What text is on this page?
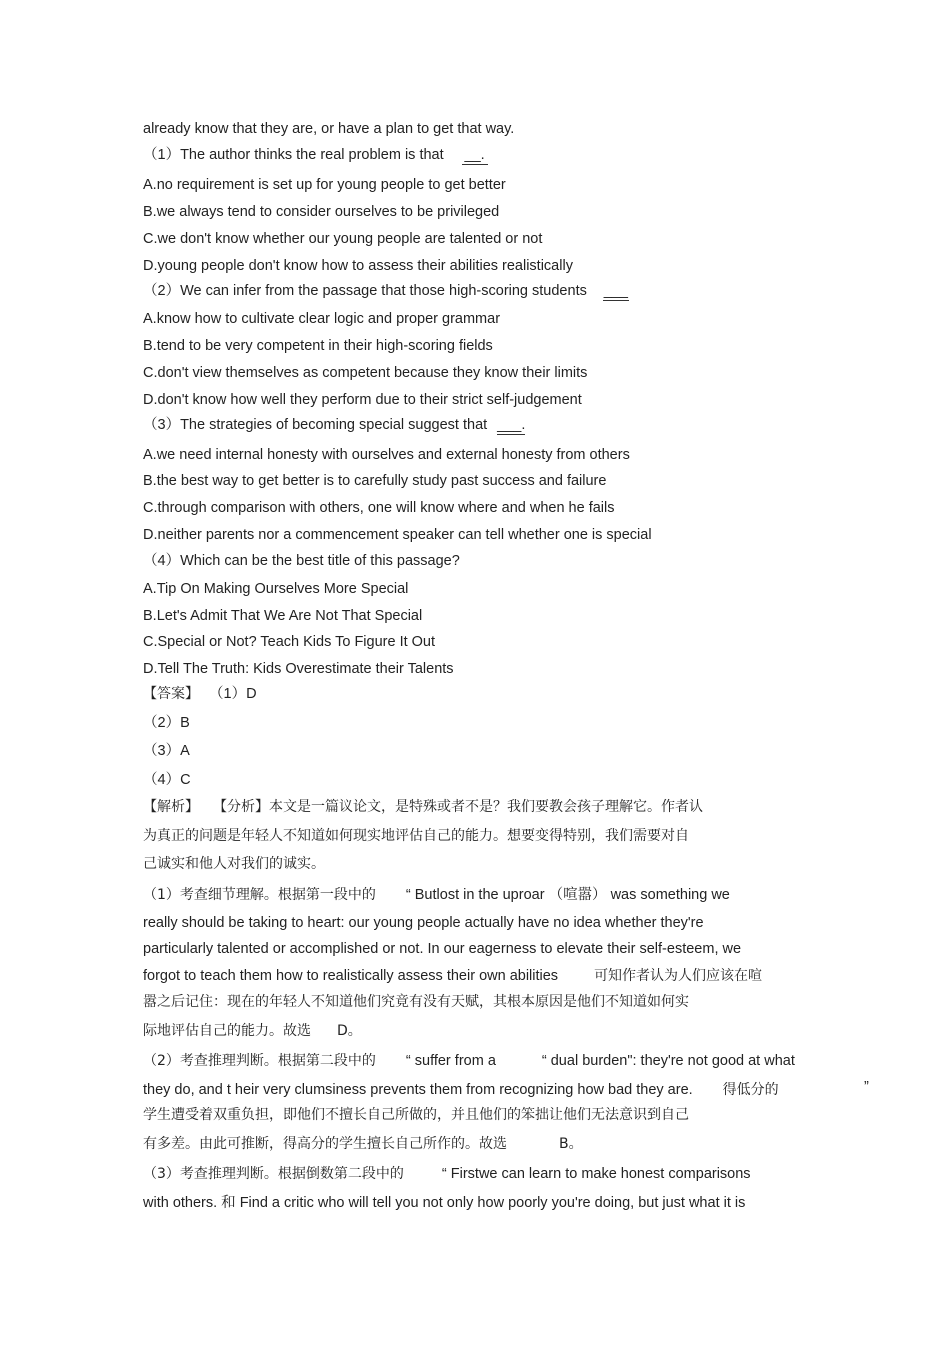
already know that they are, or have a plan to get that way.
（1）The author thinks the real problem is that __.
A.no requirement is set up for young people to get better
B.we always tend to consider ourselves to be privileged
C.we don't know whether our young people are talented or not
D.young people don't know how to assess their abilities realistically
（2）We can infer from the passage that those high-scoring students ___
A.know how to cultivate clear logic and proper grammar
B.tend to be very competent in their high-scoring fields
C.don't view themselves as competent because they know their limits
D.don't know how well they perform due to their strict self-judgement
（3）The strategies of becoming special suggest that ___.
A.we need internal honesty with ourselves and external honesty from others
B.the best way to get better is to carefully study past success and failure
C.through comparison with others, one will know where and when he fails
D.neither parents nor a commencement speaker can tell whether one is special
（4）Which can be the best title of this passage?
A.Tip On Making Ourselves More Special
B.Let's Admit That We Are Not That Special
C.Special or Not? Teach Kids To Figure It Out
D.Tell The Truth: Kids Overestimate their Talents
【答案】 （1）D
（2）B
（3）A
（4）C
【解析】 【分析】本文是一篇议论文，是特殊或者不是？我们要教会孩子理解它。作者认
为真正的问题是年轻人不知道如何现实地评估自己的能力。想要变得特别，我们需要对自
己诚实和他人对我们的诚实。
（1）考查细节理解。根据第一段中的 “ Butlost in the uproar （喧嚣） was something we
really should be taking to heart: our young people actually have no idea whether they're
particularly talented or accomplished or not. In our eagerness to elevate their self-esteem, we
forgot to teach them how to realistically assess their own abilities	可知作者认为人们应该在喧
嚣之后记住：现在的年轻人不知道他们究竟有没有天赋，其根本原因是他们不知道如何实
际地评估自己的能力。故选 D。
（2）考查推理判断。根据第二段中的 “ suffer from a	“ dual burden": they're not good at what
they do, and t heir very clumsiness prevents them from recognizing how bad they are. 得低分的	”
学生遭受着双重负担，即他们不擅长自己所做的，并且他们的笨拙让他们无法意识到自己
有多差。由此可推断，得高分的学生擅长自己所作的。故选	B。
（3）考查推理判断。根据倒数第二段中的	“ Firstwe can learn to make honest comparisons
with others. 和 Find a critic who will tell you not only how poorly you're doing, but just what it is
